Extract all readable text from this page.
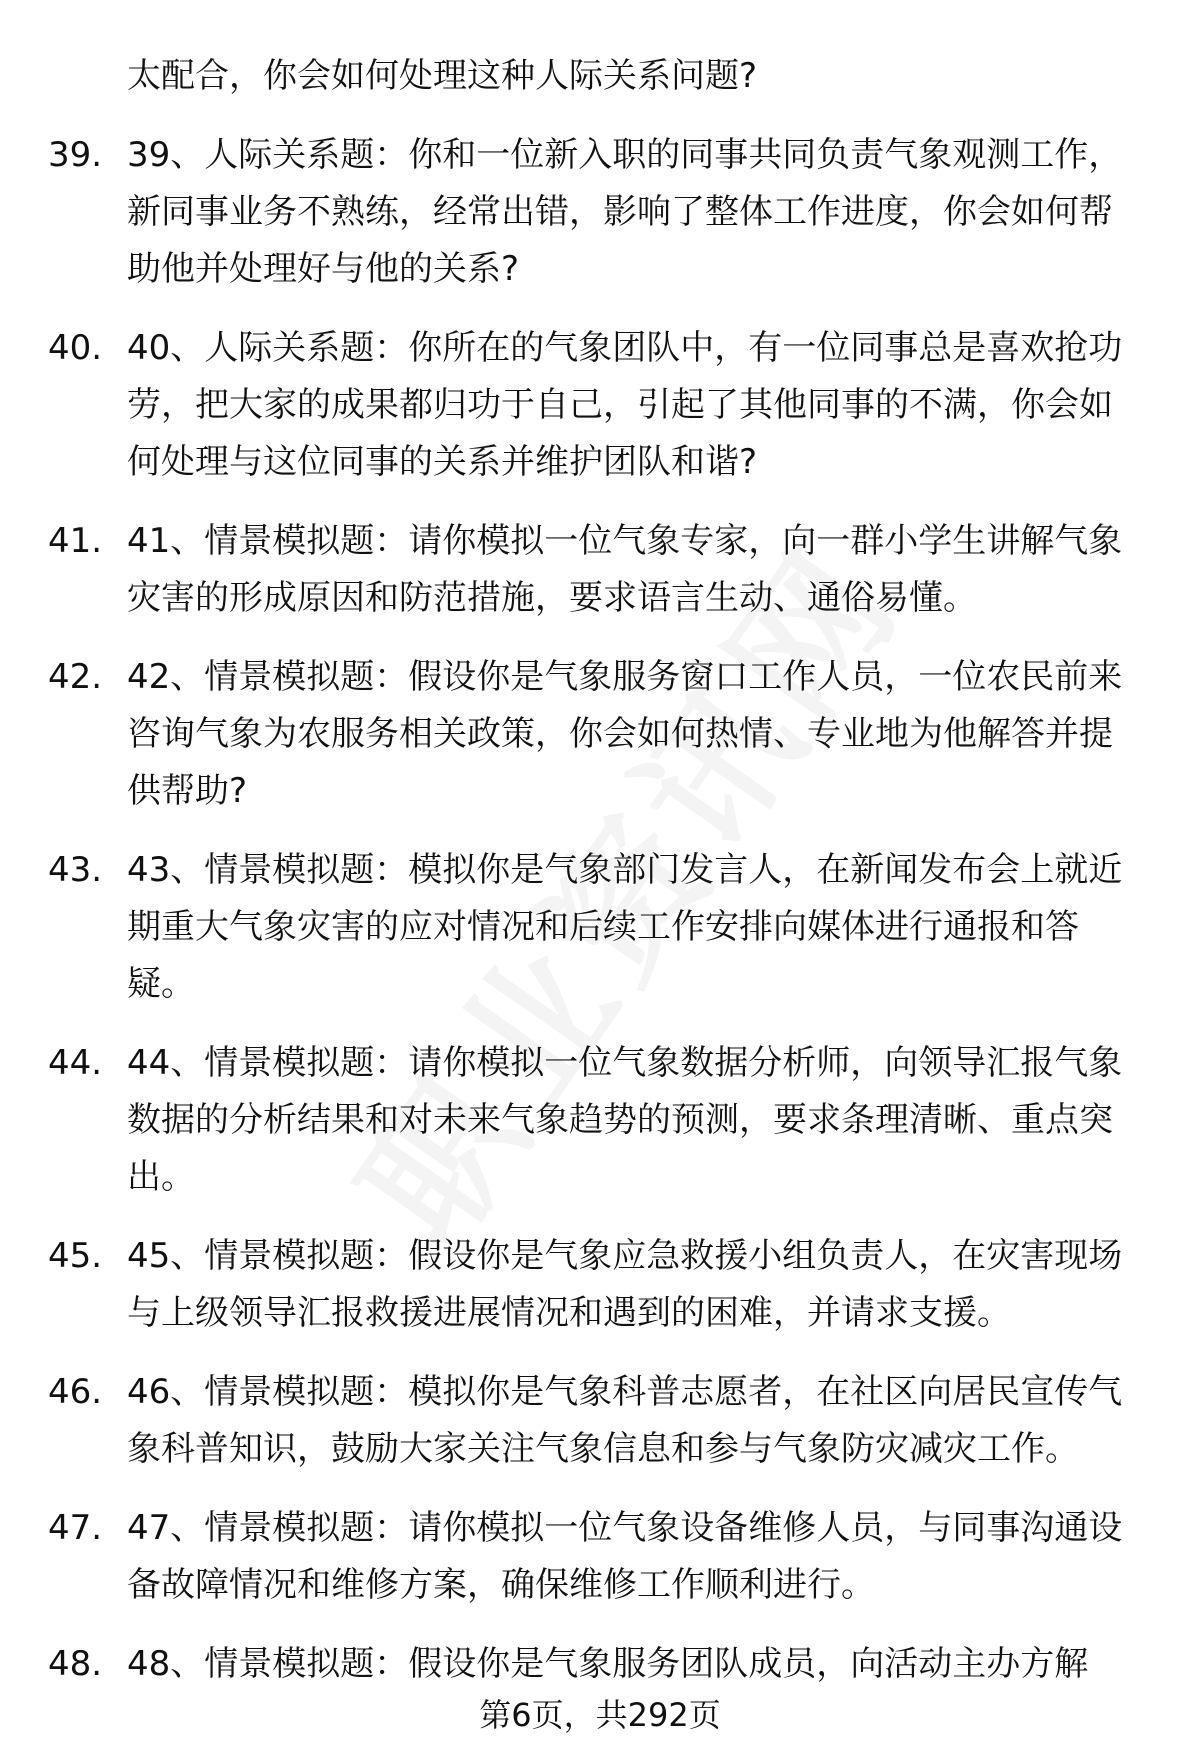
太配合，你会如何处理这种人际关系问题?
39. 39、人际关系题：你和一位新入职的同事共同负责气象观测工作，新同事业务不熟练，经常出错，影响了整体工作进度，你会如何帮助他并处理好与他的关系?
40. 40、人际关系题：你所在的气象团队中，有一位同事总是喜欢抢功劳，把大家的成果都归功于自己，引起了其他同事的不满，你会如何处理与这位同事的关系并维护团队和谐?
41. 41、情景模拟题：请你模拟一位气象专家，向一群小学生讲解气象灾害的形成原因和防范措施，要求语言生动、通俗易懂。
42. 42、情景模拟题：假设你是气象服务窗口工作人员，一位农民前来咨询气象为农服务相关政策，你会如何热情、专业地为他解答并提供帮助?
43. 43、情景模拟题：模拟你是气象部门发言人，在新闻发布会上就近期重大气象灾害的应对情况和后续工作安排向媒体进行通报和答疑。
44. 44、情景模拟题：请你模拟一位气象数据分析师，向领导汇报气象数据的分析结果和对未来气象趋势的预测，要求条理清晰、重点突出。
45. 45、情景模拟题：假设你是气象应急救援小组负责人，在灾害现场与上级领导汇报救援进展情况和遇到的困难，并请求支援。
46. 46、情景模拟题：模拟你是气象科普志愿者，在社区向居民宣传气象科普知识，鼓励大家关注气象信息和参与气象防灾减灾工作。
47. 47、情景模拟题：请你模拟一位气象设备维修人员，与同事沟通设备故障情况和维修方案，确保维修工作顺利进行。
48. 48、情景模拟题：假设你是气象服务团队成员，向活动主办方解
第6页，共292页
